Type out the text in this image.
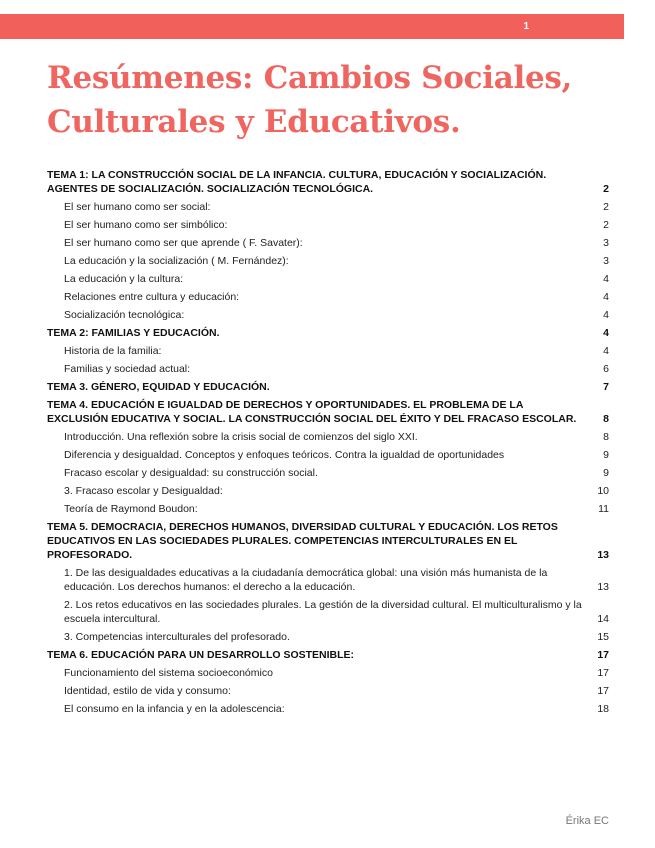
1
Resúmenes: Cambios Sociales, Culturales y Educativos.
TEMA 1: LA CONSTRUCCIÓN SOCIAL DE LA INFANCIA. CULTURA, EDUCACIÓN Y SOCIALIZACIÓN. AGENTES DE SOCIALIZACIÓN. SOCIALIZACIÓN TECNOLÓGICA.	2
El ser humano como ser social:	2
El ser humano como ser simbólico:	2
El ser humano como ser que aprende ( F. Savater):	3
La educación y la socialización ( M. Fernández):	3
La educación y la cultura:	4
Relaciones entre cultura y educación:	4
Socialización tecnológica:	4
TEMA 2: FAMILIAS Y EDUCACIÓN.	4
Historia de la familia:	4
Familias y sociedad actual:	6
TEMA 3. GÉNERO, EQUIDAD Y EDUCACIÓN.	7
TEMA 4. EDUCACIÓN E IGUALDAD DE DERECHOS Y OPORTUNIDADES. EL PROBLEMA DE LA EXCLUSIÓN EDUCATIVA Y SOCIAL. LA CONSTRUCCIÓN SOCIAL DEL ÉXITO Y DEL FRACASO ESCOLAR.	8
Introducción. Una reflexión sobre la crisis social de comienzos del siglo XXI.	8
Diferencia y desigualdad. Conceptos y enfoques teóricos. Contra la igualdad de oportunidades	9
Fracaso escolar y desigualdad: su construcción social.	9
3. Fracaso escolar y Desigualdad:	10
Teoría de Raymond Boudon:	11
TEMA 5. DEMOCRACIA, DERECHOS HUMANOS, DIVERSIDAD CULTURAL Y EDUCACIÓN. LOS RETOS EDUCATIVOS EN LAS SOCIEDADES PLURALES. COMPETENCIAS INTERCULTURALES EN EL PROFESORADO.	13
1. De las desigualdades educativas a la ciudadanía democrática global: una visión más humanista de la educación. Los derechos humanos: el derecho a la educación.	13
2. Los retos educativos en las sociedades plurales. La gestión de la diversidad cultural. El multiculturalismo y la escuela intercultural.	14
3. Competencias interculturales del profesorado.	15
TEMA 6. EDUCACIÓN PARA UN DESARROLLO SOSTENIBLE:	17
Funcionamiento del sistema socioeconómico	17
Identidad, estilo de vida y consumo:	17
El consumo en la infancia y en la adolescencia:	18
Érika EC
